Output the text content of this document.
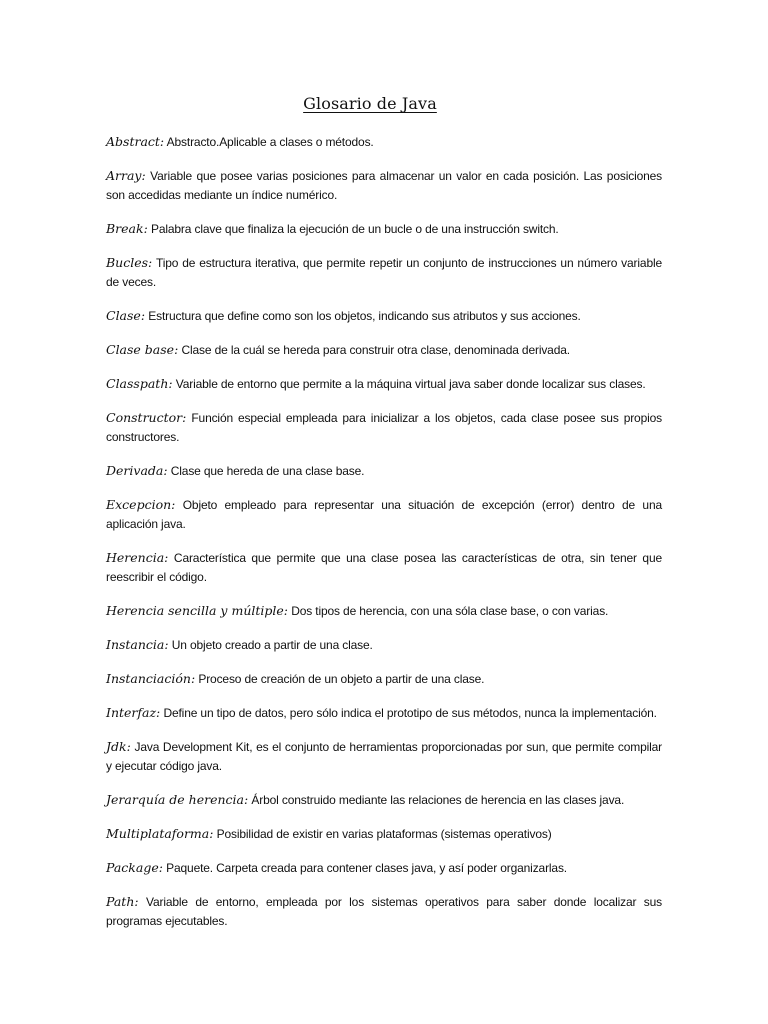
Glosario de Java

Abstract: Abstracto.Aplicable a clases o métodos.

Array: Variable que posee varias posiciones para almacenar un valor en cada posición. Las posiciones son accedidas mediante un índice numérico.

Break: Palabra clave que finaliza la ejecución de un bucle o de una instrucción switch.

Bucles: Tipo de estructura iterativa, que permite repetir un conjunto de instrucciones un número variable de veces.

Clase: Estructura que define como son los objetos, indicando sus atributos y sus acciones.

Clase base: Clase de la cuál se hereda para construir otra clase, denominada derivada.

Classpath: Variable de entorno que permite a la máquina virtual java saber donde localizar sus clases.

Constructor: Función especial empleada para inicializar a los objetos, cada clase posee sus propios constructores.

Derivada: Clase que hereda de una clase base.

Excepcion: Objeto empleado para representar una situación de excepción (error) dentro de una aplicación java.

Herencia: Característica que permite que una clase posea las características de otra, sin tener que reescribir el código.

Herencia sencilla y múltiple: Dos tipos de herencia, con una sóla clase base, o con varias.

Instancia: Un objeto creado a partir de una clase.

Instanciación: Proceso de creación de un objeto a partir de una clase.

Interfaz: Define un tipo de datos, pero sólo indica el prototipo de sus métodos, nunca la implementación.

Jdk: Java Development Kit, es el conjunto de herramientas proporcionadas por sun, que permite compilar y ejecutar código java.

Jerarquía de herencia: Árbol construido mediante las relaciones de herencia en las clases java.

Multiplataforma: Posibilidad de existir en varias plataformas (sistemas operativos)

Package: Paquete. Carpeta creada para contener clases java, y así poder organizarlas.

Path: Variable de entorno, empleada por los sistemas operativos para saber donde localizar sus programas ejecutables.
